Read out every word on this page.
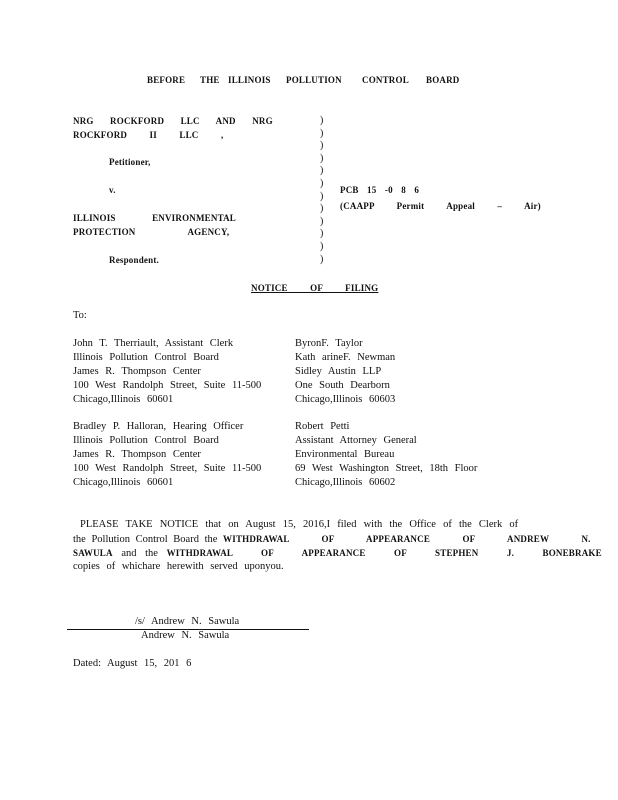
BEFORE THE ILLINOIS POLLUTION CONTROL BOARD
NRG ROCKFORD LLC AND NRG
ROCKFORD II LLC ,
Petitioner,
v.
ILLINOIS ENVIRONMENTAL
PROTECTION AGENCY,
Respondent.
)
)
)
)
)
)
)
)
)
)
)
)
PCB 15 -0 8 6
(CAAPP Permit Appeal – Air)
NOTICE OF FILING
To:
John T. Therriault, Assistant Clerk
Illinois Pollution Control Board
James R. Thompson Center
100 West Randolph Street, Suite 11-500
Chicago,Illinois 60601
ByronF. Taylor
Kath arineF. Newman
Sidley Austin LLP
One South Dearborn
Chicago,Illinois 60603
Bradley P. Halloran, Hearing Officer
Illinois Pollution Control Board
James R. Thompson Center
100 West Randolph Street, Suite 11-500
Chicago,Illinois 60601
Robert Petti
Assistant Attorney General
Environmental Bureau
69 West Washington Street, 18th Floor
Chicago,Illinois 60602
PLEASE TAKE NOTICE that on August 15, 2016,I filed with the Office of the Clerk of
the Pollution Control Board the WITHDRAWAL OF APPEARANCE OF ANDREW N.
SAWULA and the WITHDRAWAL OF APPEARANCE OF STEPHEN J. BONEBRAKE
copies of whichare herewith served uponyou.
/s/ Andrew N. Sawula
Andrew N. Sawula
Dated: August 15, 201 6
